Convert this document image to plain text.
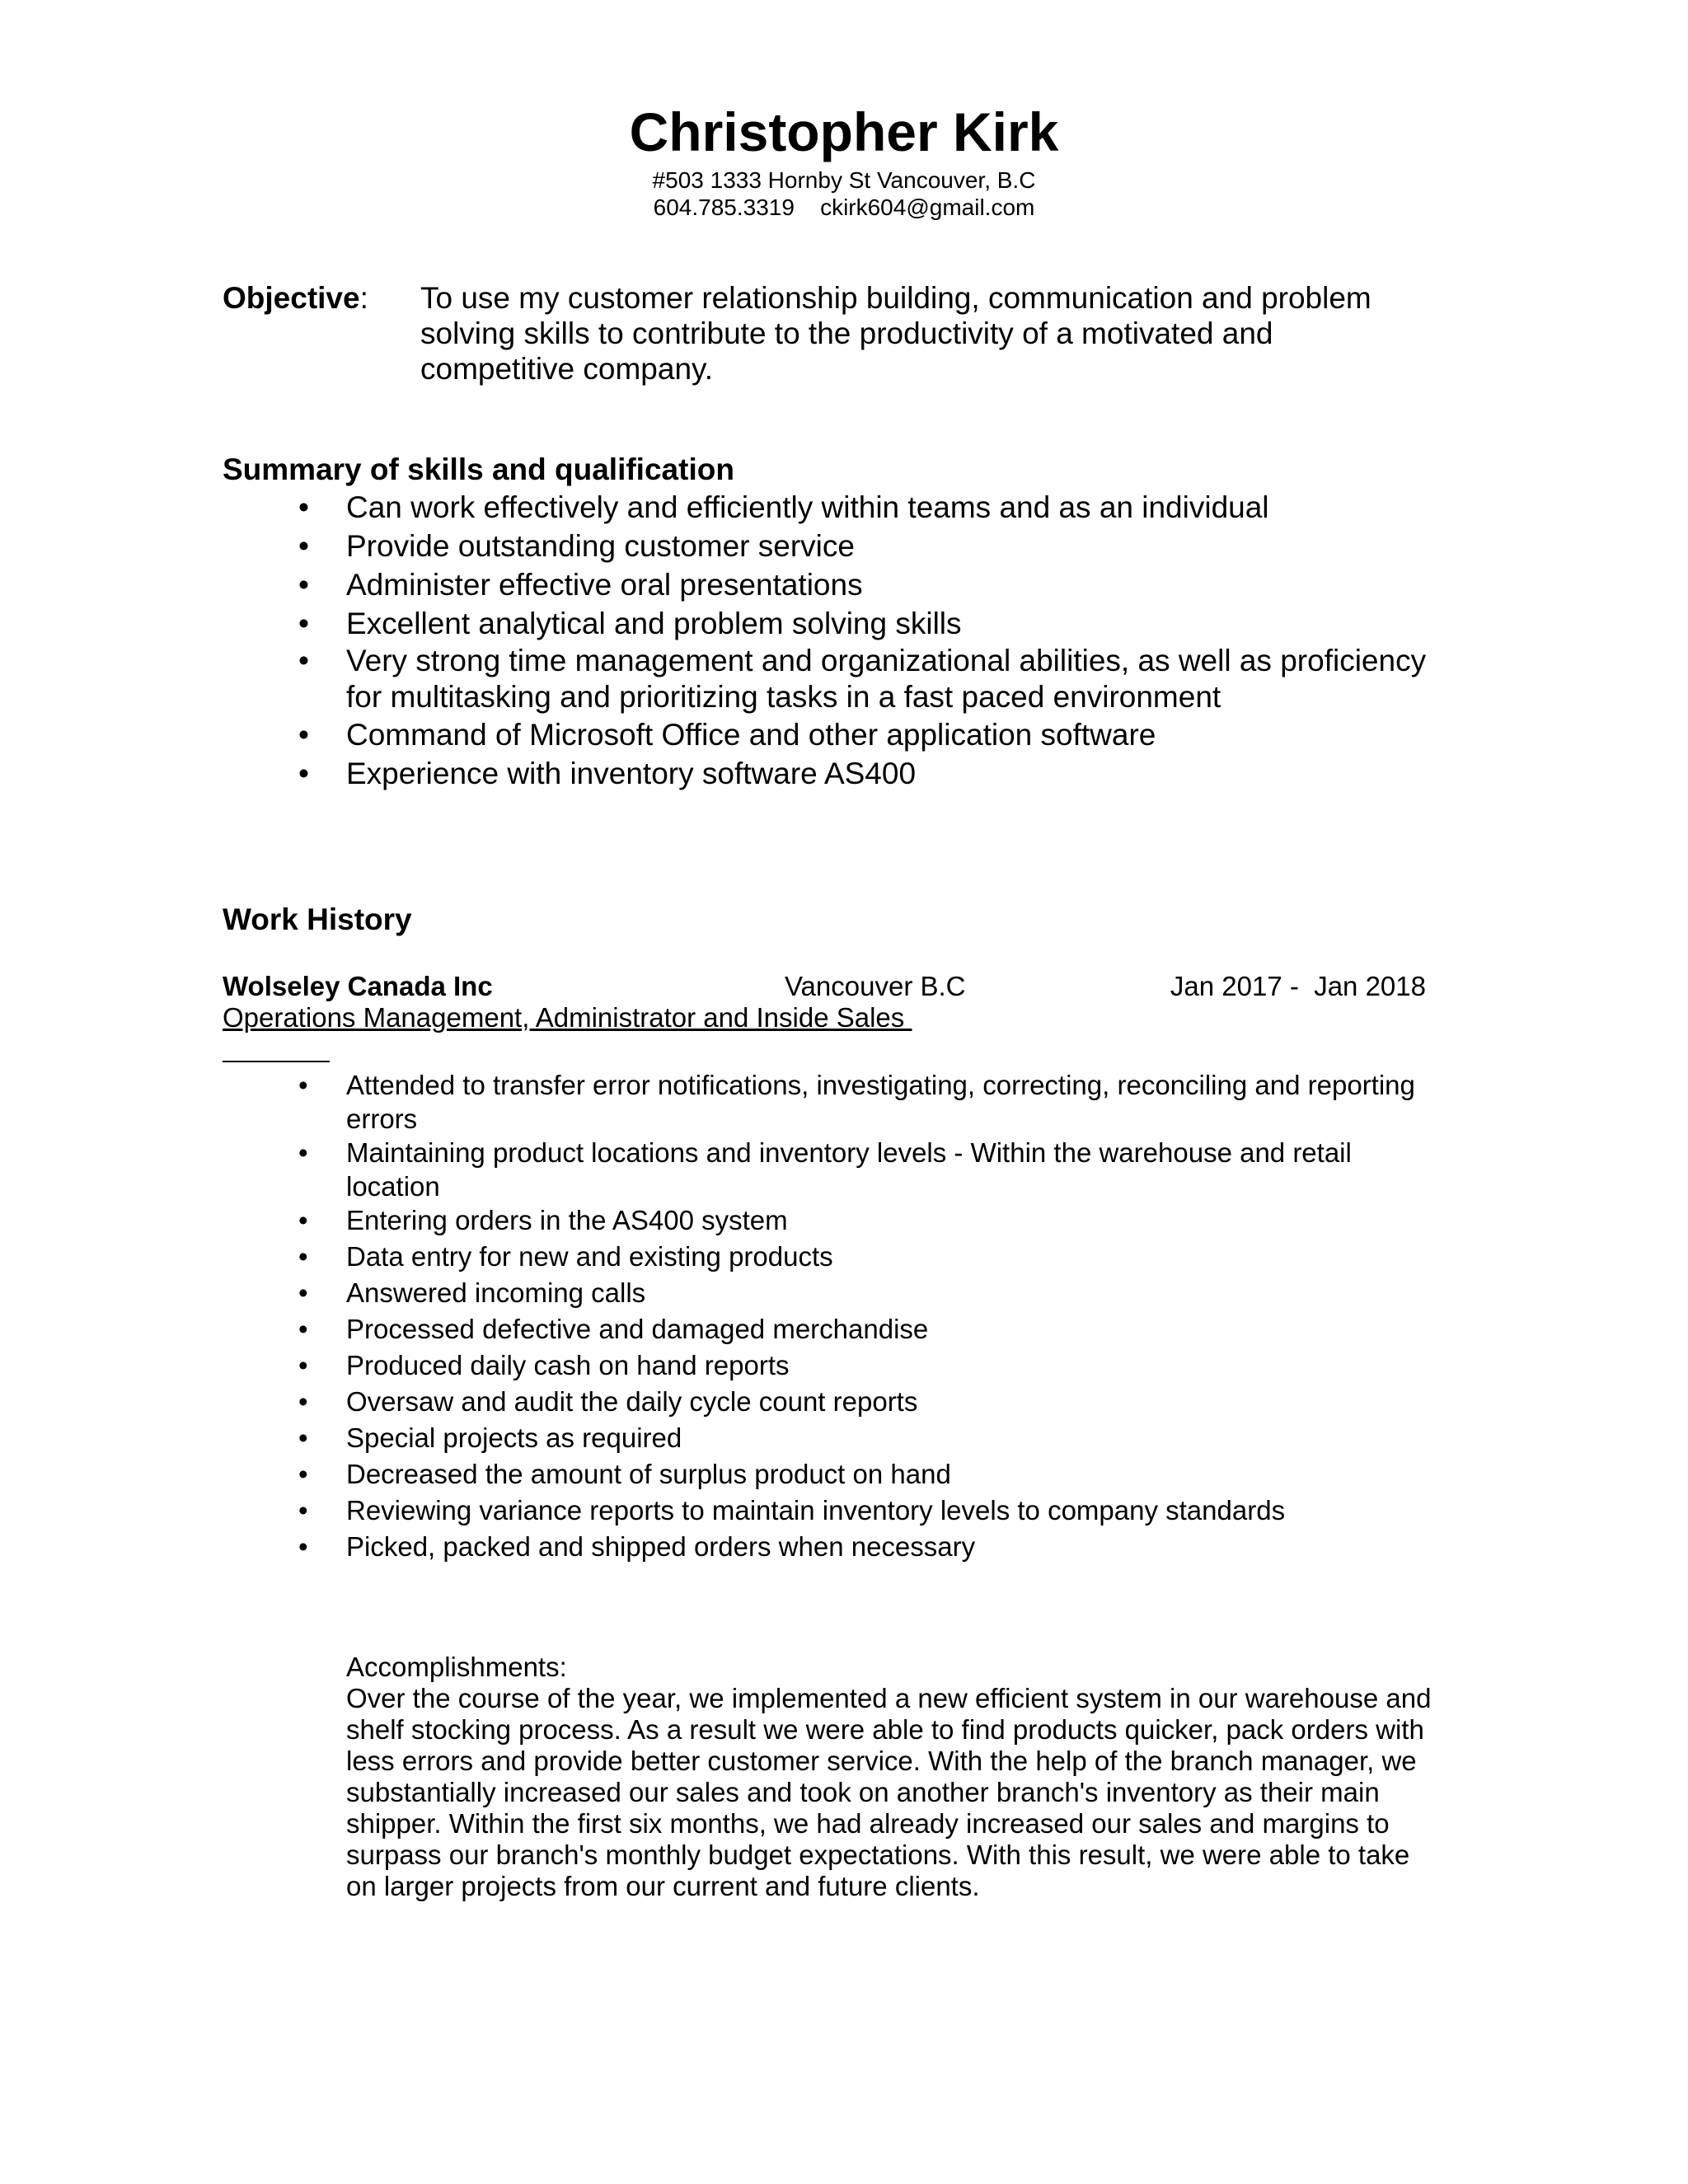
Christopher Kirk
#503 1333 Hornby St Vancouver, B.C
604.785.3319 ckirk604@gmail.com
Objective: To use my customer relationship building, communication and problem solving skills to contribute to the productivity of a motivated and competitive company.
Summary of skills and qualification
• Can work effectively and efficiently within teams and as an individual
• Provide outstanding customer service
• Administer effective oral presentations
• Excellent analytical and problem solving skills
• Very strong time management and organizational abilities, as well as proficiency for multitasking and prioritizing tasks in a fast paced environment
• Command of Microsoft Office and other application software
• Experience with inventory software AS400
Work History
Wolseley Canada Inc	Vancouver B.C	Jan 2017 -  Jan 2018
Operations Management, Administrator and Inside Sales
• Attended to transfer error notifications, investigating, correcting, reconciling and reporting errors
• Maintaining product locations and inventory levels - Within the warehouse and retail location
• Entering orders in the AS400 system
• Data entry for new and existing products
• Answered incoming calls
• Processed defective and damaged merchandise
• Produced daily cash on hand reports
• Oversaw and audit the daily cycle count reports
• Special projects as required
• Decreased the amount of surplus product on hand
• Reviewing variance reports to maintain inventory levels to company standards
• Picked, packed and shipped orders when necessary
Accomplishments:
Over the course of the year, we implemented a new efficient system in our warehouse and shelf stocking process. As a result we were able to find products quicker, pack orders with less errors and provide better customer service. With the help of the branch manager, we substantially increased our sales and took on another branch's inventory as their main shipper. Within the first six months, we had already increased our sales and margins to surpass our branch's monthly budget expectations. With this result, we were able to take on larger projects from our current and future clients.
